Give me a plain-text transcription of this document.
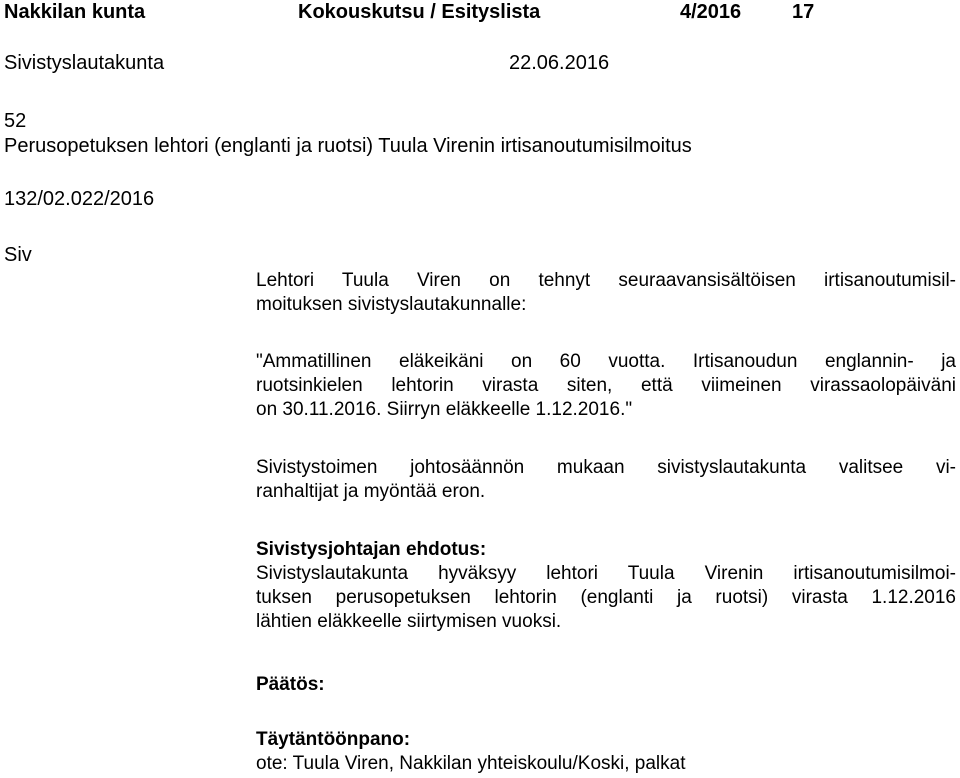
Nakkilan kunta	Kokouskutsu / Esityslista	4/2016	17
Sivistyslautakunta	22.06.2016
52
Perusopetuksen lehtori (englanti ja ruotsi) Tuula Virenin irtisanoutumisilmoitus
132/02.022/2016
Siv

Lehtori Tuula Viren on tehnyt seuraavansisältöisen irtisanoutumisil-

moituksen sivistyslautakunnalle:

"Ammatillinen eläkeikäni on 60 vuotta. Irtisanoudun englannin- ja

ruotsinkielen lehtorin virasta siten, että viimeinen virassaolopäiväni

on 30.11.2016. Siirryn eläkkeelle 1.12.2016."

Sivistystoimen johtosäännön mukaan sivistyslautakunta valitsee vi-

ranhaltijat ja myöntää eron.

Sivistysjohtajan ehdotus:

Sivistyslautakunta hyväksyy lehtori Tuula Virenin irtisanoutumisilmoi-

tuksen perusopetuksen lehtorin (englanti ja ruotsi) virasta 1.12.2016

lähtien eläkkeelle siirtymisen vuoksi.

Päätös:

Täytäntöönpano:

ote: Tuula Viren, Nakkilan yhteiskoulu/Koski, palkat
